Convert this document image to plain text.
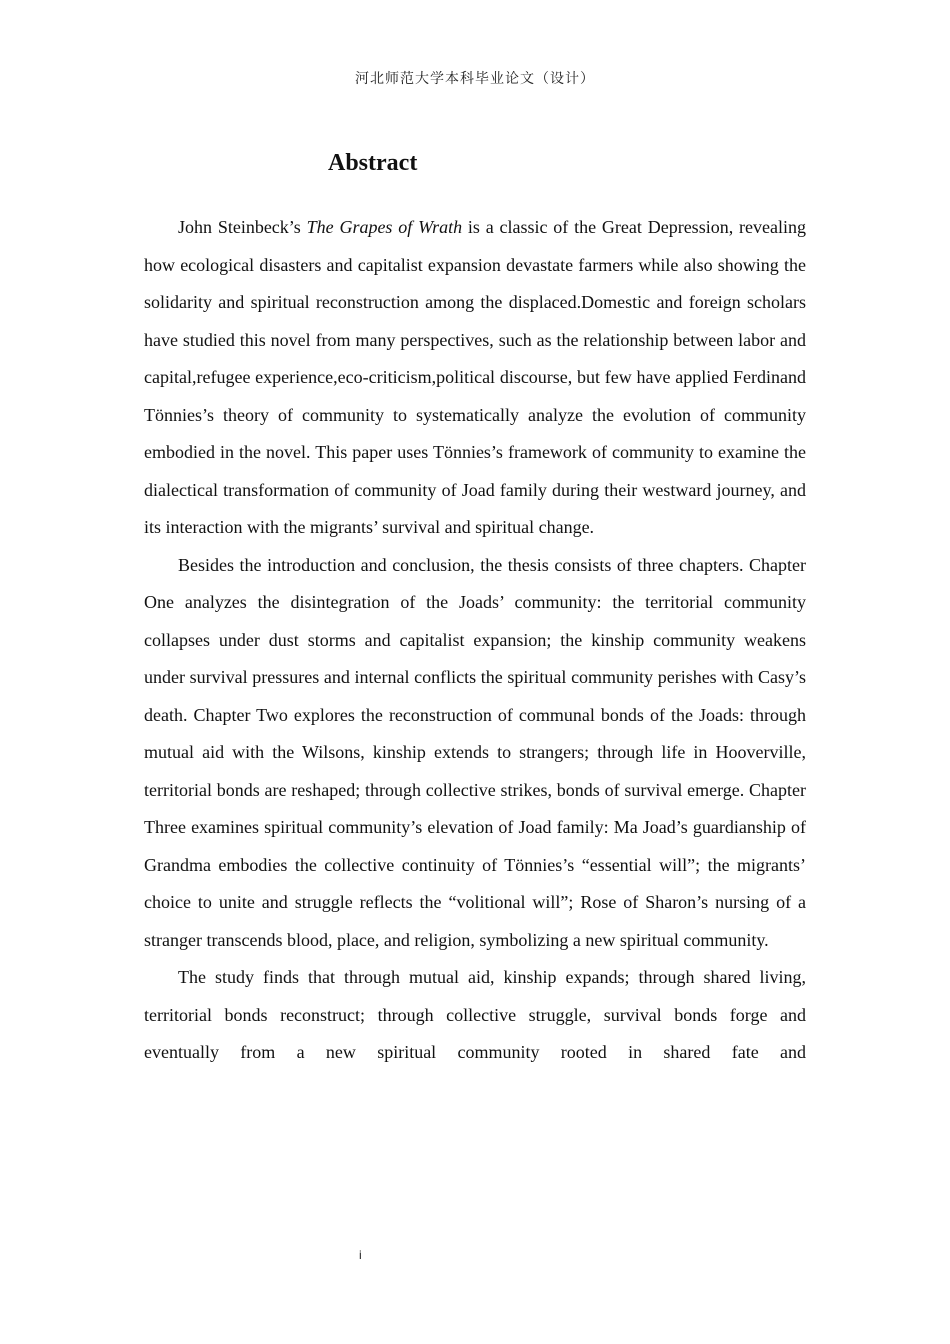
河北师范大学本科毕业论文（设计）
Abstract

John Steinbeck’s The Grapes of Wrath is a classic of the Great Depression, revealing how ecological disasters and capitalist expansion devastate farmers while also showing the solidarity and spiritual reconstruction among the displaced.Domestic and foreign scholars have studied this novel from many perspectives, such as the relationship between labor and capital,refugee experience,eco-criticism,political discourse, but few have applied Ferdinand Tönnies’s theory of community to systematically analyze the evolution of community embodied in the novel. This paper uses Tönnies’s framework of community to examine the dialectical transformation of community of Joad family during their westward journey, and its interaction with the migrants’ survival and spiritual change.

Besides the introduction and conclusion, the thesis consists of three chapters. Chapter One analyzes the disintegration of the Joads’ community: the territorial community collapses under dust storms and capitalist expansion; the kinship community weakens under survival pressures and internal conflicts the spiritual community perishes with Casy’s death. Chapter Two explores the reconstruction of communal bonds of the Joads: through mutual aid with the Wilsons, kinship extends to strangers; through life in Hooverville, territorial bonds are reshaped; through collective strikes, bonds of survival emerge. Chapter Three examines spiritual community’s elevation of Joad family: Ma Joad’s guardianship of Grandma embodies the collective continuity of Tönnies’s “essential will”; the migrants’ choice to unite and struggle reflects the “volitional will”; Rose of Sharon’s nursing of a stranger transcends blood, place, and religion, symbolizing a new spiritual community.

The study finds that through mutual aid, kinship expands; through shared living, territorial bonds reconstruct; through collective struggle, survival bonds forge and eventually from a new spiritual community rooted in shared fate and

i
